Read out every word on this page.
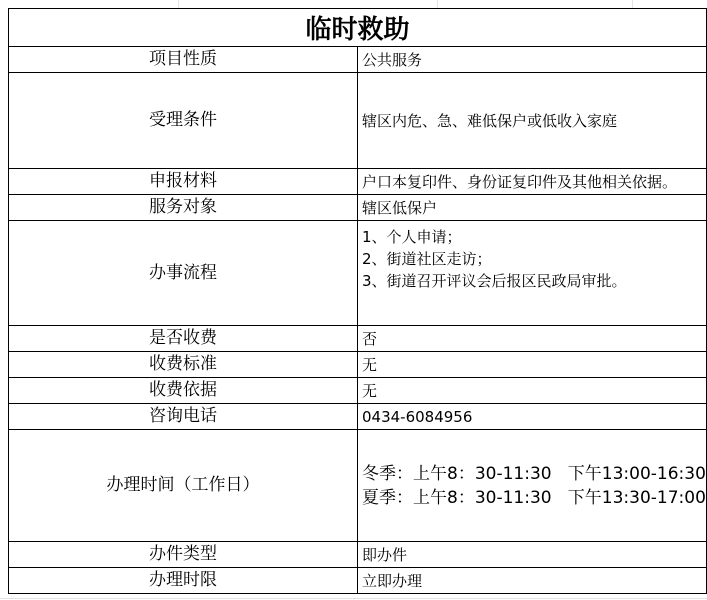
临时救助	
项目性质	公共服务
受理条件	辖区内危、急、难低保户或低收入家庭
申报材料	户口本复印件、身份证复印件及其他相关依据。
服务对象	辖区低保户
办事流程	1、个人申请；
2、街道社区走访；
3、街道召开评议会后报区民政局审批。

是否收费	否
收费标准	无
收费依据	无
咨询电话	0434-6084956
办理时间（工作日）	冬季：上午8：30-11:30   下午13:00-16:30
夏季：上午8：30-11:30   下午13:30-17:00

办件类型	即办件
办理时限	立即办理
